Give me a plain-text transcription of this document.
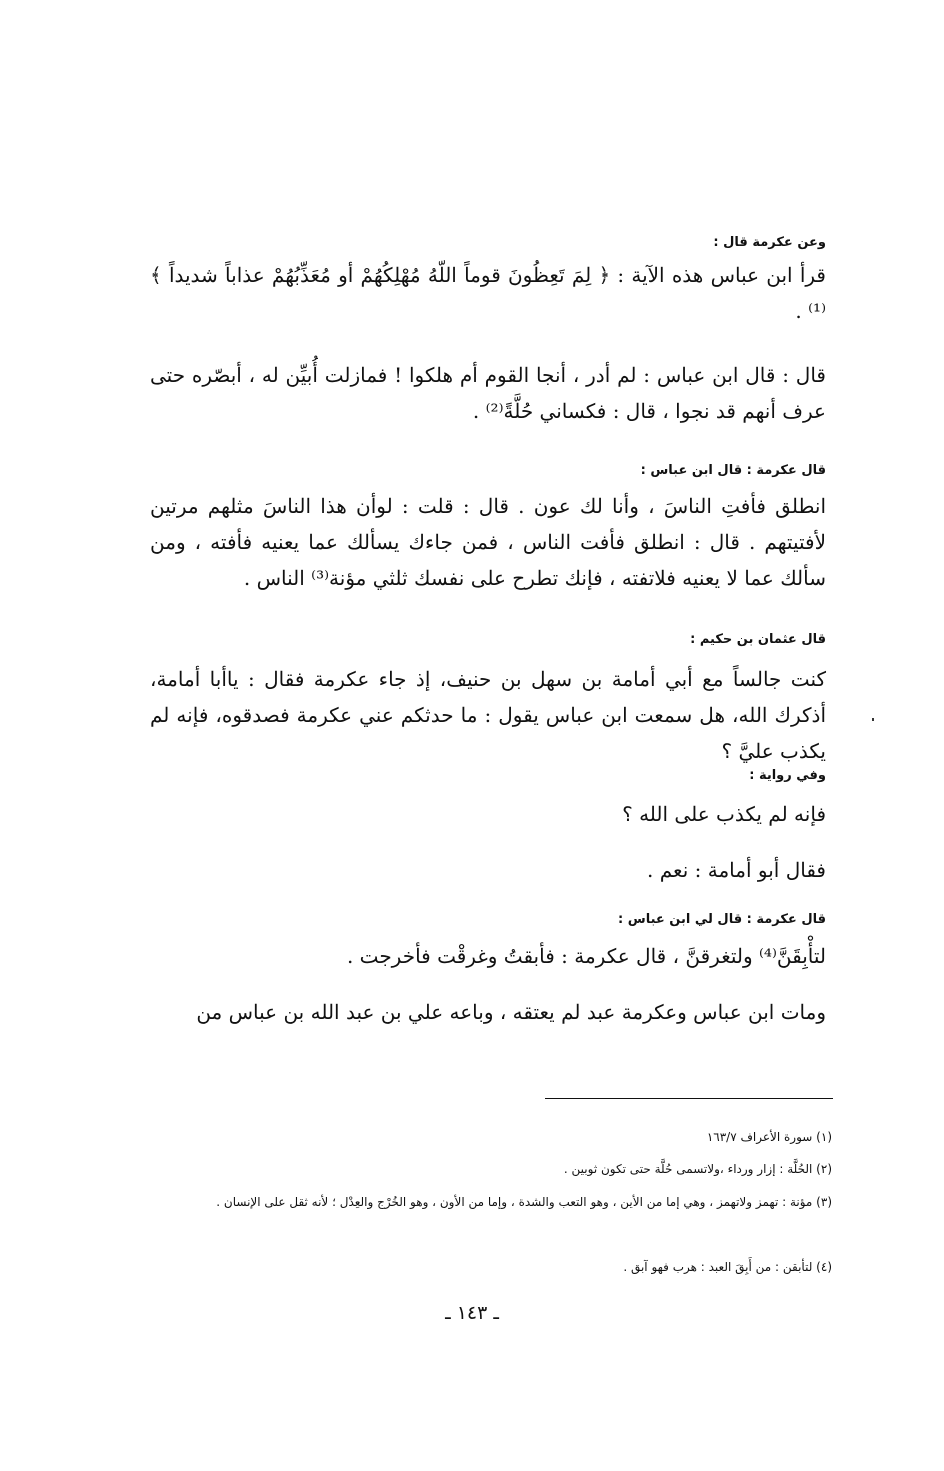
وعن عكرمة قال :

قرأ ابن عباس هذه الآية : ﴿ لِمَ تَعِظُونَ قوماً اللّهُ مُهْلِكُهُمْ أو مُعَذِّبُهُمْ عذاباً شديداً ﴾⁽¹⁾ .

قال : قال ابن عباس : لم أدر ، أنجا القوم أم هلكوا ! فمازلت أُبيِّن له ، أبصّره حتى عرف أنهم قد نجوا ، قال : فكساني حُلَّةً⁽²⁾ .

قال عكرمة : قال ابن عباس :

انطلق فأفتِ الناسَ ، وأنا لك عون . قال : قلت : لوأن هذا الناسَ مثلهم مرتين لأفتيتهم . قال : انطلق فأفت الناس ، فمن جاءك يسألك عما يعنيه فأفته ، ومن سألك عما لا يعنيه فلاتفته ، فإنك تطرح على نفسك ثلثي مؤنة⁽³⁾ الناس .

قال عثمان بن حكيم :

كنت جالساً مع أبي أمامة بن سهل بن حنيف، إذ جاء عكرمة فقال : ياأبا أمامة، أذكرك الله، هل سمعت ابن عباس يقول : ما حدثكم عني عكرمة فصدقوه، فإنه لم يكذب عليَّ ؟

وفي رواية :

فإنه لم يكذب على الله ؟

فقال أبو أمامة : نعم .

قال عكرمة : قال لي ابن عباس :

لتأْبِقَنَّ⁽⁴⁾ ولتغرقنَّ ، قال عكرمة : فأبقتُ وغرقْت فأخرجت .

ومات ابن عباس وعكرمة عبد لم يعتقه ، وباعه علي بن عبد الله بن عباس من

(١) سورة الأعراف ١٦٣/٧

(٢) الحُلَّة : إزار ورداء ،ولاتسمى حُلَّة حتى تكون ثوبين .

(٣) مؤنة : تهمز ولاتهمز ، وهي إما من الأين ، وهو التعب والشدة ، وإما من الأون ، وهو الخُرْج والعِدْل ؛ لأنه ثقل على الإنسان .

(٤) لتأبقن : من أَبِقَ العبد : هرب فهو آبق .

ـ ١٤٣ ـ
